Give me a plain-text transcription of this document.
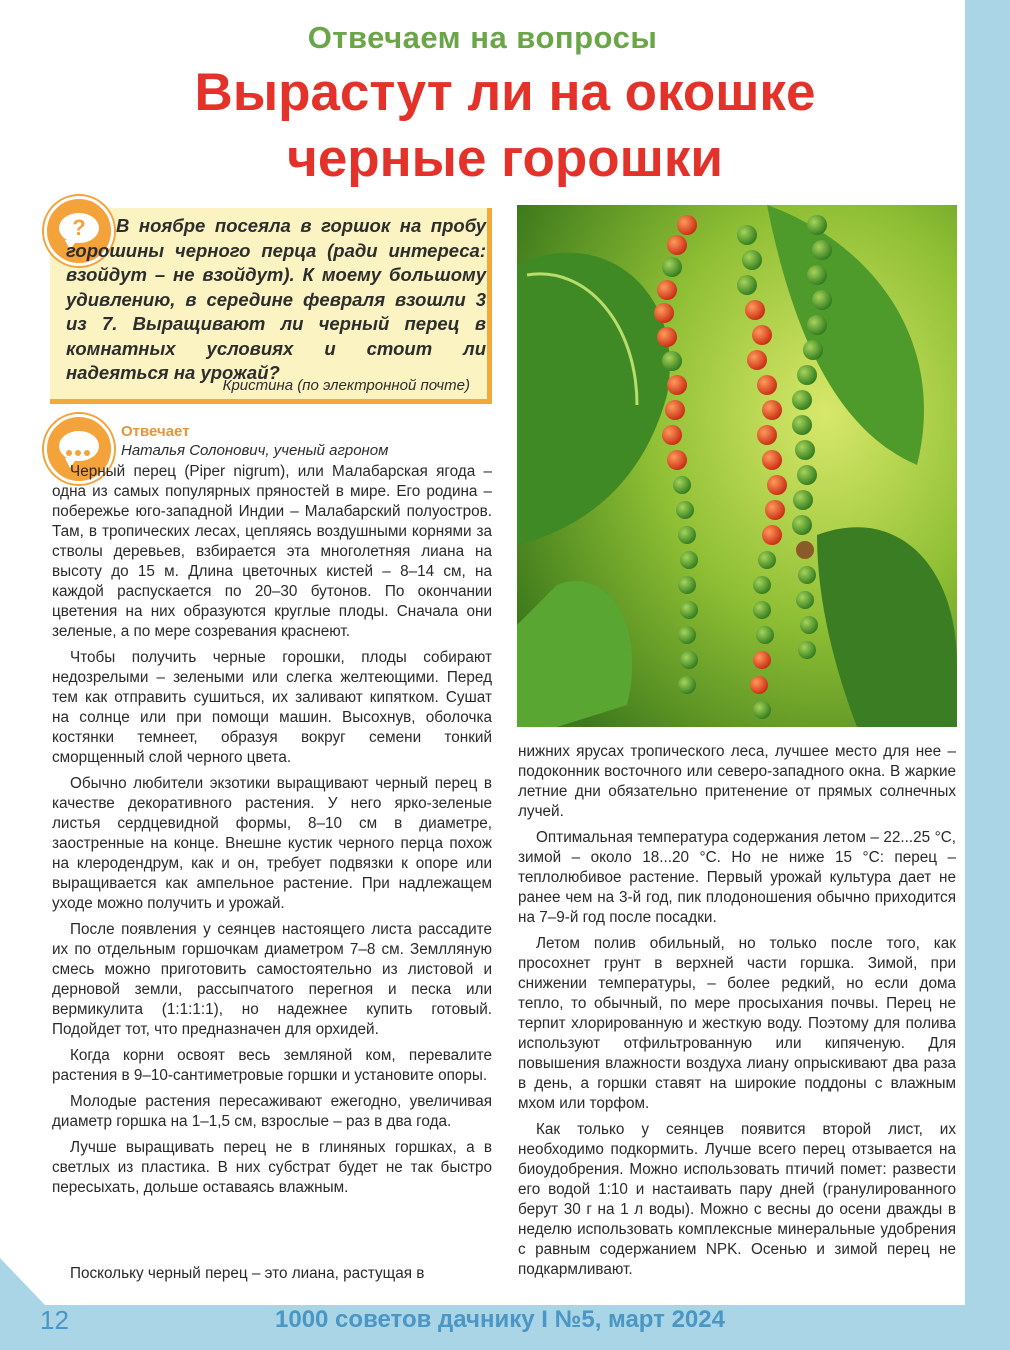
Отвечаем на вопросы
Вырастут ли на окошке
черные горошки
?	В ноябре посеяла в горшок на пробу горошины черного перца (ради интереса: взойдут – не взойдут). К моему большому удивлению, в середине февраля взошли 3 из 7. Выращивают ли черный перец в комнатных условиях и стоит ли надеяться на урожай?
Кристина (по электронной почте)
Отвечает
Наталья Солонович, ученый агроном

Черный перец (Piper nigrum), или Малабарская ягода – одна из самых популярных пряностей в мире. Его родина – побережье юго-западной Индии – Малабарский полуостров. Там, в тропических лесах, цепляясь воздушными корнями за стволы деревьев, взбирается эта многолетняя лиана на высоту до 15 м. Длина цветочных кистей – 8–14 см, на каждой распускается по 20–30 бутонов. По окончании цветения на них образуются круглые плоды. Сначала они зеленые, а по мере созревания краснеют.

Чтобы получить черные горошки, плоды собирают недозрелыми – зелеными или слегка желтеющими. Перед тем как отправить сушиться, их заливают кипятком. Сушат на солнце или при помощи машин. Высохнув, оболочка костянки темнеет, образуя вокруг семени тонкий сморщенный слой черного цвета.

Обычно любители экзотики выращивают черный перец в качестве декоративного растения. У него ярко-зеленые листья сердцевидной формы, 8–10 см в диаметре, заостренные на конце. Внешне кустик черного перца похож на клеродендрум, как и он, требует подвязки к опоре или выращивается как ампельное растение. При надлежащем уходе можно получить и урожай.

После появления у сеянцев настоящего листа рассадите их по отдельным горшочкам диаметром 7–8 см. Землляную смесь можно приготовить самостоятельно из листовой и дерновой земли, рассыпчатого перегноя и песка или вермикулита (1:1:1:1), но надежнее купить готовый. Подойдет тот, что предназначен для орхидей.

Когда корни освоят весь земляной ком, перевалите растения в 9–10-сантиметровые горшки и установите опоры.

Молодые растения пересаживают ежегодно, увеличивая диаметр горшка на 1–1,5 см, взрослые – раз в два года.

Лучше выращивать перец не в глиняных горшках, а в светлых из пластика. В них субстрат будет не так быстро пересыхать, дольше оставаясь влажным.

Поскольку черный перец – это лиана, растущая в

нижних ярусах тропического леса, лучшее место для нее – подоконник восточного или северо-западного окна. В жаркие летние дни обязательно притенение от прямых солнечных лучей.

Оптимальная температура содержания летом – 22...25 °C, зимой – около 18...20 °C. Но не ниже 15 °C: перец – теплолюбивое растение. Первый урожай культура дает не ранее чем на 3-й год, пик плодоношения обычно приходится на 7–9-й год после посадки.

Летом полив обильный, но только после того, как просохнет грунт в верхней части горшка. Зимой, при снижении температуры, – более редкий, но если дома тепло, то обычный, по мере просыхания почвы. Перец не терпит хлорированную и жесткую воду. Поэтому для полива используют отфильтрованную или кипяченую. Для повышения влажности воздуха лиану опрыскивают два раза в день, а горшки ставят на широкие поддоны с влажным мхом или торфом.

Как только у сеянцев появится второй лист, их необходимо подкормить. Лучше всего перец отзывается на биоудобрения. Можно использовать птичий помет: развести его водой 1:10 и настаивать пару дней (гранулированного берут 30 г на 1 л воды). Можно с весны до осени дважды в неделю использовать комплексные минеральные удобрения с равным содержанием NPK. Осенью и зимой перец не подкармливают.

12	1000 советов дачнику I №5, март 2024
